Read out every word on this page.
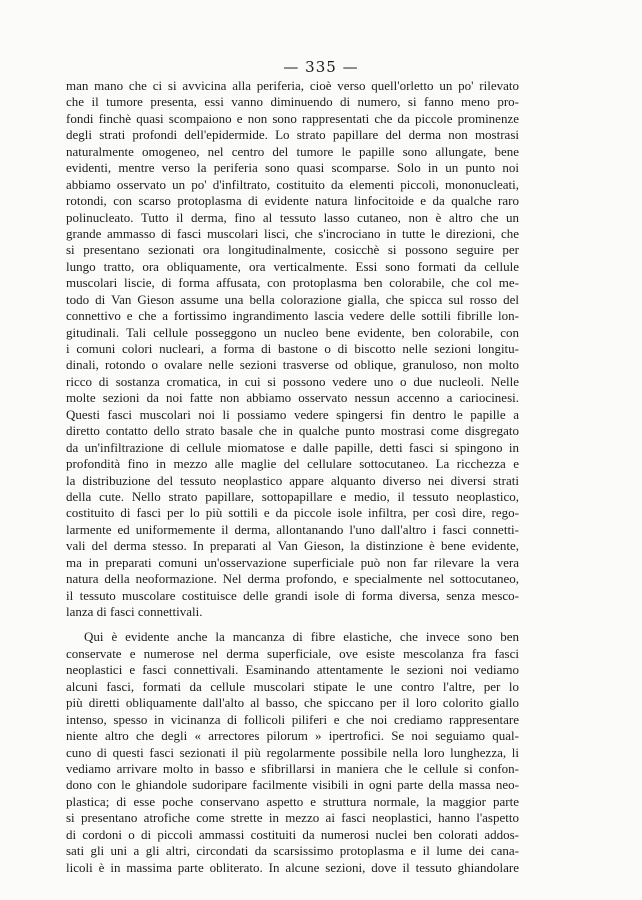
— 335 —

man mano che ci si avvicina alla periferia, cioè verso quell'orletto un po' rilevato
che il tumore presenta, essi vanno diminuendo di numero, si fanno meno pro-
fondi finchè quasi scompaiono e non sono rappresentati che da piccole prominenze
degli strati profondi dell'epidermide. Lo strato papillare del derma non mostrasi
naturalmente omogeneo, nel centro del tumore le papille sono allungate, bene
evidenti, mentre verso la periferia sono quasi scomparse. Solo in un punto noi
abbiamo osservato un po' d'infiltrato, costituito da elementi piccoli, mononucleati,
rotondi, con scarso protoplasma di evidente natura linfocitoide e da qualche raro
polinucleato. Tutto il derma, fino al tessuto lasso cutaneo, non è altro che un
grande ammasso di fasci muscolari lisci, che s'incrociano in tutte le direzioni, che
si presentano sezionati ora longitudinalmente, cosicchè si possono seguire per
lungo tratto, ora obliquamente, ora verticalmente. Essi sono formati da cellule
muscolari liscie, di forma affusata, con protoplasma ben colorabile, che col me-
todo di Van Gieson assume una bella colorazione gialla, che spicca sul rosso del
connettivo e che a fortissimo ingrandimento lascia vedere delle sottili fibrille lon-
gitudinali. Tali cellule posseggono un nucleo bene evidente, ben colorabile, con
i comuni colori nucleari, a forma di bastone o di biscotto nelle sezioni longitu-
dinali, rotondo o ovalare nelle sezioni trasverse od oblique, granuloso, non molto
ricco di sostanza cromatica, in cui si possono vedere uno o due nucleoli. Nelle
molte sezioni da noi fatte non abbiamo osservato nessun accenno a cariocinesi.
Questi fasci muscolari noi li possiamo vedere spingersi fin dentro le papille a
diretto contatto dello strato basale che in qualche punto mostrasi come disgregato
da un'infiltrazione di cellule miomatose e dalle papille, detti fasci si spingono in
profondità fino in mezzo alle maglie del cellulare sottocutaneo. La ricchezza e
la distribuzione del tessuto neoplastico appare alquanto diverso nei diversi strati
della cute. Nello strato papillare, sottopapillare e medio, il tessuto neoplastico,
costituito di fasci per lo più sottili e da piccole isole infiltra, per così dire, rego-
larmente ed uniformemente il derma, allontanando l'uno dall'altro i fasci connetti-
vali del derma stesso. In preparati al Van Gieson, la distinzione è bene evidente,
ma in preparati comuni un'osservazione superficiale può non far rilevare la vera
natura della neoformazione. Nel derma profondo, e specialmente nel sottocutaneo,
il tessuto muscolare costituisce delle grandi isole di forma diversa, senza mesco-
lanza di fasci connettivali.
Qui è evidente anche la mancanza di fibre elastiche, che invece sono ben
conservate e numerose nel derma superficiale, ove esiste mescolanza fra fasci
neoplastici e fasci connettivali. Esaminando attentamente le sezioni noi vediamo
alcuni fasci, formati da cellule muscolari stipate le une contro l'altre, per lo
più diretti obliquamente dall'alto al basso, che spiccano per il loro colorito giallo
intenso, spesso in vicinanza di follicoli piliferi e che noi crediamo rappresentare
niente altro che degli « arrectores pilorum » ipertrofici. Se noi seguiamo qual-
cuno di questi fasci sezionati il più regolarmente possibile nella loro lunghezza, li
vediamo arrivare molto in basso e sfibrillarsi in maniera che le cellule si confon-
dono con le ghiandole sudoripare facilmente visibili in ogni parte della massa neo-
plastica; di esse poche conservano aspetto e struttura normale, la maggior parte
si presentano atrofiche come strette in mezzo ai fasci neoplastici, hanno l'aspetto
di cordoni o di piccoli ammassi costituiti da numerosi nuclei ben colorati addos-
sati gli uni a gli altri, circondati da scarsissimo protoplasma e il lume dei cana-
licoli è in massima parte obliterato. In alcune sezioni, dove il tessuto ghiandolare
